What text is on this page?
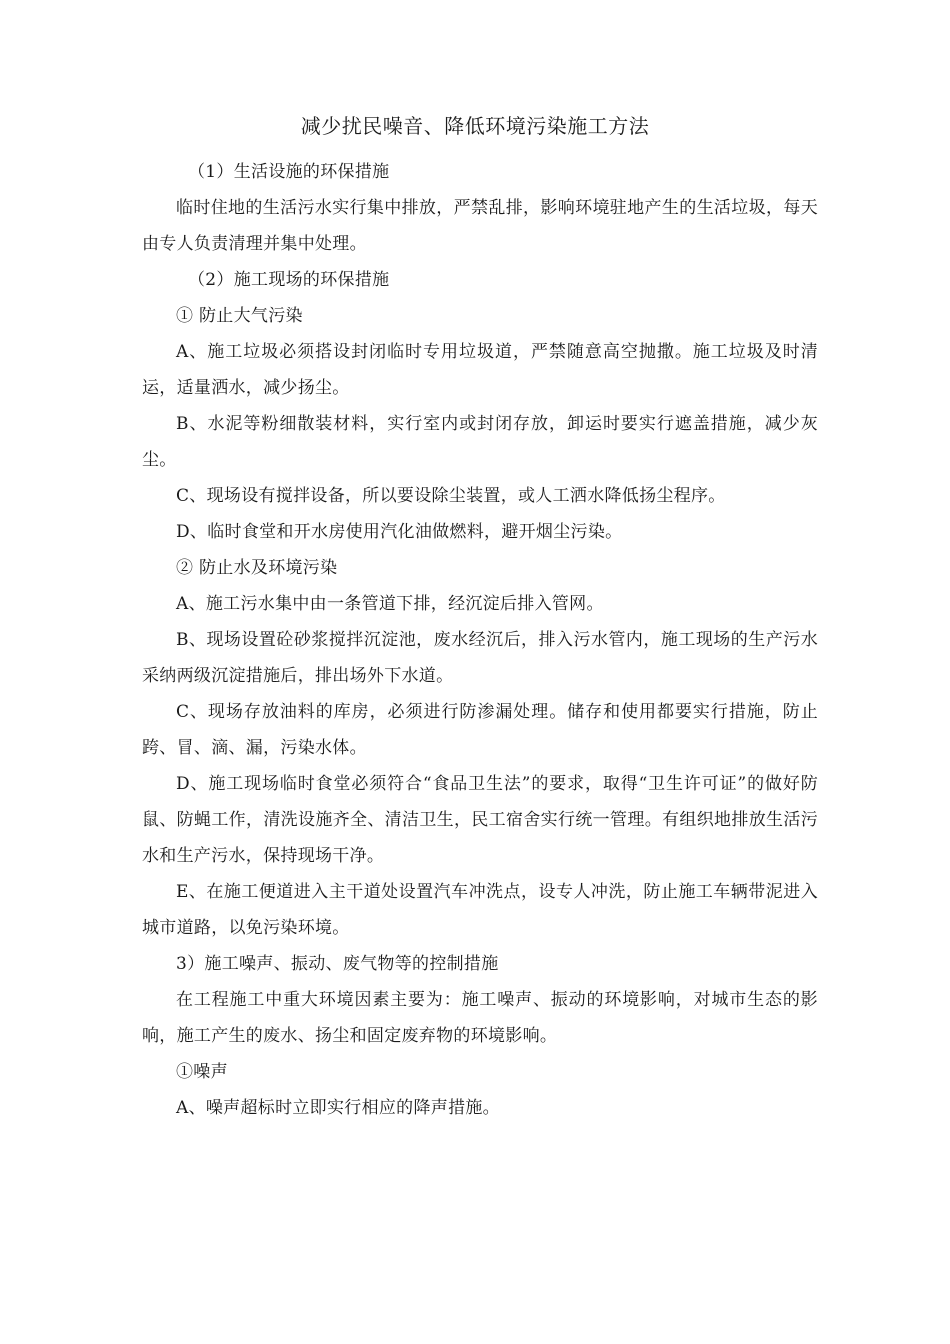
减少扰民噪音、降低环境污染施工方法

（1）生活设施的环保措施

临时住地的生活污水实行集中排放，严禁乱排，影响环境驻地产生的生活垃圾，每天由专人负责清理并集中处理。

（2）施工现场的环保措施

① 防止大气污染

A、施工垃圾必须搭设封闭临时专用垃圾道，严禁随意高空抛撒。施工垃圾及时清运，适量洒水，减少扬尘。

B、水泥等粉细散装材料，实行室内或封闭存放，卸运时要实行遮盖措施，减少灰尘。

C、现场设有搅拌设备，所以要设除尘装置，或人工洒水降低扬尘程序。

D、临时食堂和开水房使用汽化油做燃料，避开烟尘污染。

② 防止水及环境污染

A、施工污水集中由一条管道下排，经沉淀后排入管网。

B、现场设置砼砂浆搅拌沉淀池，废水经沉后，排入污水管内，施工现场的生产污水采纳两级沉淀措施后，排出场外下水道。

C、现场存放油料的库房，必须进行防渗漏处理。储存和使用都要实行措施，防止跨、冒、滴、漏，污染水体。

D、施工现场临时食堂必须符合“食品卫生法”的要求，取得“卫生许可证”的做好防鼠、防蝇工作，清洗设施齐全、清洁卫生，民工宿舍实行统一管理。有组织地排放生活污水和生产污水，保持现场干净。

E、在施工便道进入主干道处设置汽车冲洗点，设专人冲洗，防止施工车辆带泥进入城市道路，以免污染环境。

3）施工噪声、振动、废气物等的控制措施

在工程施工中重大环境因素主要为：施工噪声、振动的环境影响，对城市生态的影响，施工产生的废水、扬尘和固定废弃物的环境影响。

①噪声

A、噪声超标时立即实行相应的降声措施。
